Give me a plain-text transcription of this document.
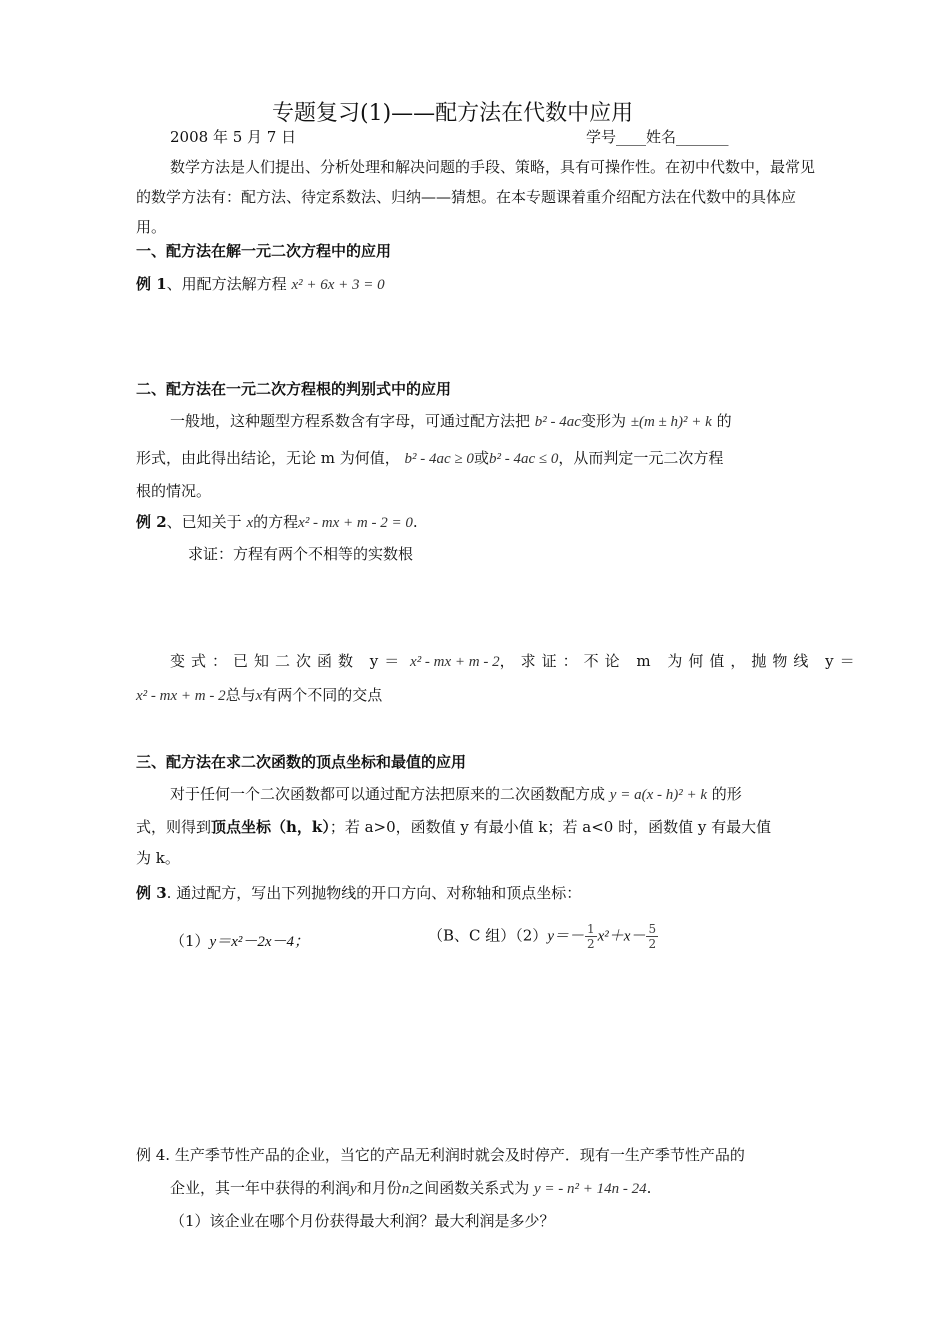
专题复习(1)——配方法在代数中应用
2008 年 5 月 7 日	学号____姓名_______
数学方法是人们提出、分析处理和解决问题的手段、策略，具有可操作性。在初中代数中，最常见的数学方法有：配方法、待定系数法、归纳——猜想。在本专题课着重介绍配方法在代数中的具体应用。
一、配方法在解一元二次方程中的应用
例 1、用配方法解方程 x² + 6x + 3 = 0
二、配方法在一元二次方程根的判别式中的应用
一般地，这种题型方程系数含有字母，可通过配方法把 b² - 4ac变形为 ±(m ± h)² + k 的
形式，由此得出结论，无论 m 为何值， b² - 4ac ≥ 0或b² - 4ac ≤ 0，从而判定一元二次方程
根的情况。
例 2、已知关于 x的方程x² - mx + m - 2 = 0.
求证：方程有两个不相等的实数根
变式：已知二次函数 y＝ x² - mx + m - 2，求证：不论 m 为何值，抛物线 y＝
x² - mx + m - 2总与x有两个不同的交点
三、配方法在求二次函数的顶点坐标和最值的应用
对于任何一个二次函数都可以通过配方法把原来的二次函数配方成 y = a(x - h)² + k 的形
式，则得到顶点坐标（h，k）；若 a>0，函数值 y 有最小值 k；若 a<0 时，函数值 y 有最大值
为 k。
例 3. 通过配方，写出下列抛物线的开口方向、对称轴和顶点坐标：
（1）y＝x²－2x－4；	（B、C 组）$(2)y=- \frac{1}{2} x^2+x- \frac{5}{2}$
例 4. 生产季节性产品的企业，当它的产品无利润时就会及时停产．现有一生产季节性产品的
企业，其一年中获得的利润y和月份n之间函数关系式为 y = - n² + 14n - 24.
（1）该企业在哪个月份获得最大利润？最大利润是多少？
